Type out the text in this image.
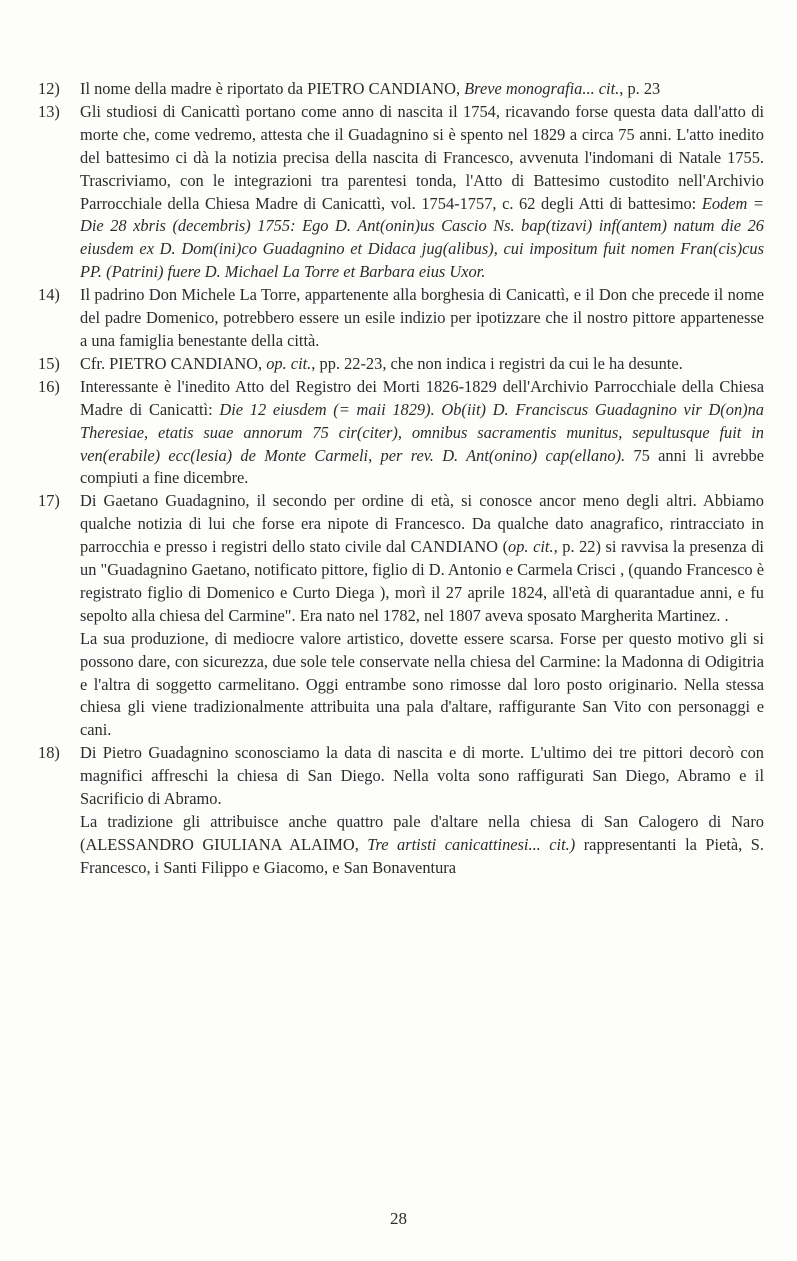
12) Il nome della madre è riportato da PIETRO CANDIANO, Breve monografia... cit., p. 23

13) Gli studiosi di Canicattì portano come anno di nascita il 1754, ricavando forse questa data dall'atto di morte che, come vedremo, attesta che il Guadagnino si è spento nel 1829 a circa 75 anni. L'atto inedito del battesimo ci dà la notizia precisa della nascita di Francesco, avvenuta l'indomani di Natale 1755. Trascriviamo, con le integrazioni tra parentesi tonda, l'Atto di Battesimo custodito nell'Archivio Parrocchiale della Chiesa Madre di Canicattì, vol. 1754-1757, c. 62 degli Atti di battesimo: Eodem = Die 28 xbris (decembris) 1755: Ego D. Ant(onin)us Cascio Ns. bap(tizavi) inf(antem) natum die 26 eiusdem ex D. Dom(ini)co Guadagnino et Didaca jug(alibus), cui impositum fuit nomen Fran(cis)cus PP. (Patrini) fuere D. Michael La Torre et Barbara eius Uxor.

14) Il padrino Don Michele La Torre, appartenente alla borghesia di Canicattì, e il Don che precede il nome del padre Domenico, potrebbero essere un esile indizio per ipotizzare che il nostro pittore appartenesse a una famiglia benestante della città.

15) Cfr. PIETRO CANDIANO, op. cit., pp. 22-23, che non indica i registri da cui le ha desunte.

16) Interessante è l'inedito Atto del Registro dei Morti 1826-1829 dell'Archivio Parrocchiale della Chiesa Madre di Canicattì: Die 12 eiusdem (= maii 1829). Ob(iit) D. Franciscus Guadagnino vir D(on)na Theresiae, etatis suae annorum 75 cir(citer), omnibus sacramentis munitus, sepultusque fuit in ven(erabile) ecc(lesia) de Monte Carmeli, per rev. D. Ant(onino) cap(ellano). 75 anni li avrebbe compiuti a fine dicembre.

17) Di Gaetano Guadagnino, il secondo per ordine di età, si conosce ancor meno degli altri. Abbiamo qualche notizia di lui che forse era nipote di Francesco. Da qualche dato anagrafico, rintracciato in parrocchia e presso i registri dello stato civile dal CANDIANO (op. cit., p. 22) si ravvisa la presenza di un "Guadagnino Gaetano, notificato pittore, figlio di D. Antonio e Carmela Crisci , (quando Francesco è registrato figlio di Domenico e Curto Diega ), morì il 27 aprile 1824, all'età di quarantadue anni, e fu sepolto alla chiesa del Carmine". Era nato nel 1782, nel 1807 aveva sposato Margherita Martinez. .

La sua produzione, di mediocre valore artistico, dovette essere scarsa. Forse per questo motivo gli si possono dare, con sicurezza, due sole tele conservate nella chiesa del Carmine: la Madonna di Odigitria e l'altra di soggetto carmelitano. Oggi entrambe sono rimosse dal loro posto originario. Nella stessa chiesa gli viene tradizionalmente attribuita una pala d'altare, raffigurante San Vito con personaggi e cani.

18) Di Pietro Guadagnino sconosciamo la data di nascita e di morte. L'ultimo dei tre pittori decorò con magnifici affreschi la chiesa di San Diego. Nella volta sono raffigurati San Diego, Abramo e il Sacrificio di Abramo.

La tradizione gli attribuisce anche quattro pale d'altare nella chiesa di San Calogero di Naro (ALESSANDRO GIULIANA ALAIMO, Tre artisti canicattinesi... cit.) rappresentanti la Pietà, S. Francesco, i Santi Filippo e Giacomo, e San Bonaventura

28
